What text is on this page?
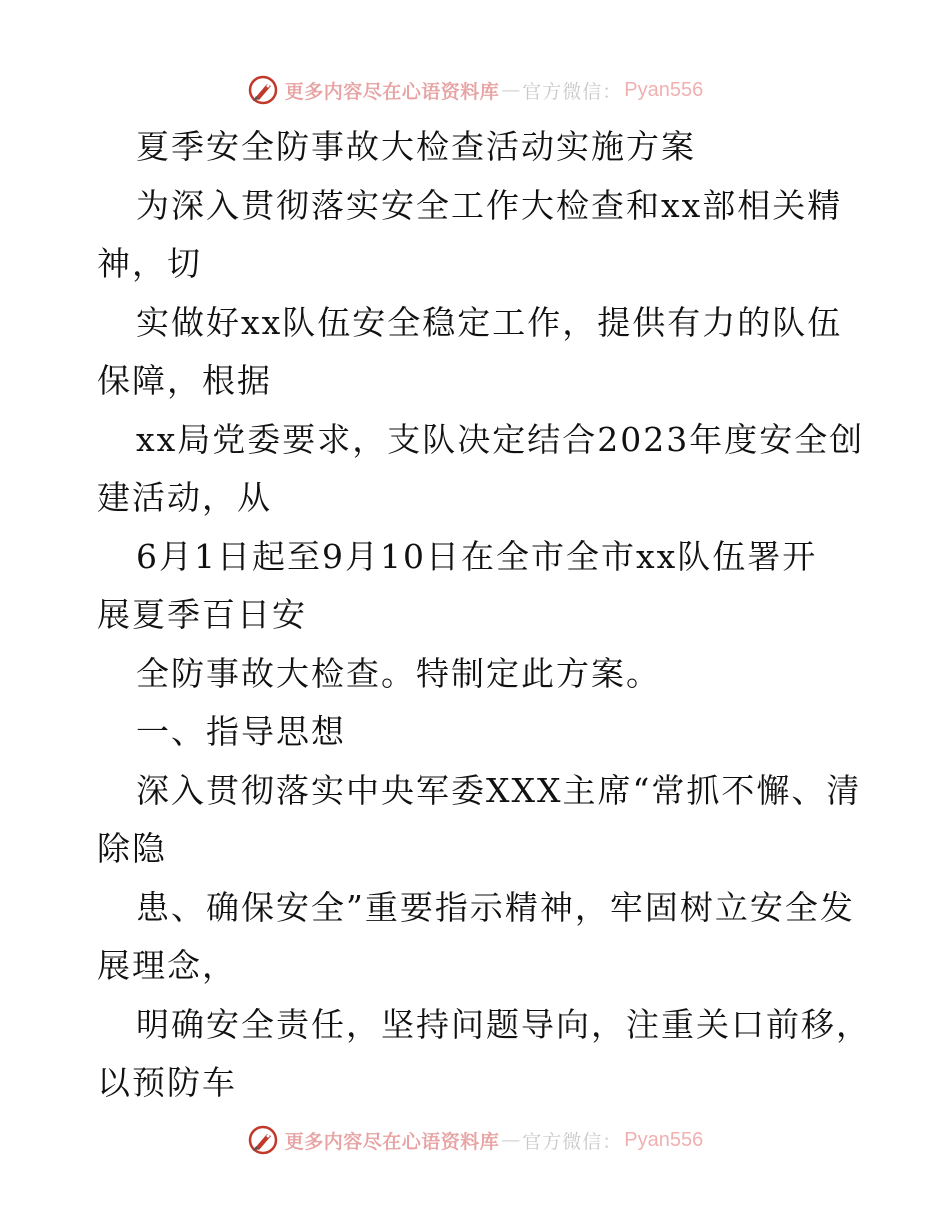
更多内容尽在心语资料库 — 官方微信： Pyan556
夏季安全防事故大检查活动实施方案
为深入贯彻落实安全工作大检查和xx部相关精
神，切
实做好xx队伍安全稳定工作，提供有力的队伍
保障，根据
xx局党委要求，支队决定结合2023年度安全创
建活动，从
6月1日起至9月10日在全市全市xx队伍署开
展夏季百日安
全防事故大检查。特制定此方案。
一、指导思想
深入贯彻落实中央军委XXX主席“常抓不懈、清
除隐
患、确保安全”重要指示精神，牢固树立安全发
展理念，
明确安全责任，坚持问题导向，注重关口前移，
以预防车
更多内容尽在心语资料库 — 官方微信： Pyan556
